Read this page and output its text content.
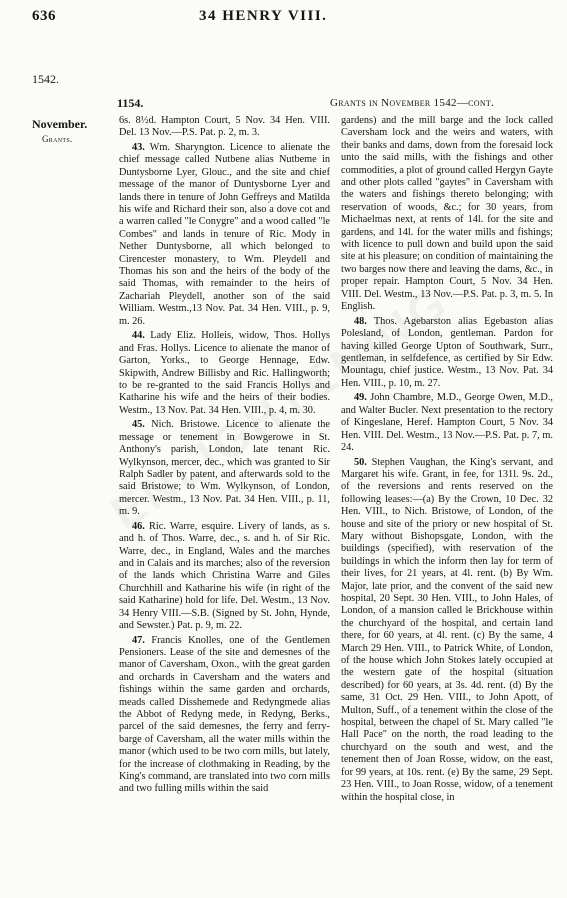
636	34 HENRY VIII.
1542.
November.
Grants.
1154.	Grants in November 1542—cont.

6s. 8½d. Hampton Court, 5 Nov. 34 Hen. VIII. Del. 13 Nov.—P.S. Pat. p. 2, m. 3.

43. Wm. Sharyngton. Licence to alienate the chief message called Nutbene alias Nutbeme in Duntysborne Lyer, Glouc., and the site and chief message of the manor of Duntysborne Lyer and lands there in tenure of John Geffreys and Matilda his wife and Richard their son, also a dove cot and a warren called "le Conygre" and a wood called "le Combes" and lands in tenure of Ric. Mody in Nether Duntysborne, all which belonged to Cirencester monastery, to Wm. Pleydell and Thomas his son and the heirs of the body of the said Thomas, with remainder to the heirs of Zachariah Pleydell, another son of the said William. Westm.,13 Nov. Pat. 34 Hen. VIII., p. 9, m. 26.

44. Lady Eliz. Holleis, widow, Thos. Hollys and Fras. Hollys. Licence to alienate the manor of Garton, Yorks., to George Hennage, Edw. Skipwith, Andrew Billisby and Ric. Hallingworth; to be re-granted to the said Francis Hollys and Katharine his wife and the heirs of their bodies. Westm., 13 Nov. Pat. 34 Hen. VIII., p. 4, m. 30.

45. Nich. Bristowe. Licence to alienate the message or tenement in Bowgerowe in St. Anthony's parish, London, late tenant Ric. Wylkynson, mercer, dec., which was granted to Sir Ralph Sadler by patent, and afterwards sold to the said Bristowe; to Wm. Wylkynson, of London, mercer. Westm., 13 Nov. Pat. 34 Hen. VIII., p. 11, m. 9.

46. Ric. Warre, esquire. Livery of lands, as s. and h. of Thos. Warre, dec., s. and h. of Sir Ric. Warre, dec., in England, Wales and the marches and in Calais and its marches; also of the reversion of the lands which Christina Warre and Giles Churchhill and Katharine his wife (in right of the said Katharine) hold for life. Del. Westm., 13 Nov. 34 Henry VIII.—S.B. (Signed by St. John, Hynde, and Sewster.) Pat. p. 9, m. 22.

47. Francis Knolles, one of the Gentlemen Pensioners. Lease of the site and demesnes of the manor of Caversham, Oxon., with the great garden and orchards in Caversham and the waters and fishings within the same garden and orchards, meads called Disshemede and Redyngmede alias the Abbot of Redyng mede, in Redyng, Berks., parcel of the said demesnes, the ferry and ferry-barge of Caversham, all the water mills within the manor (which used to be two corn mills, but lately, for the increase of clothmaking in Reading, by the King's command, are translated into two corn mills and two fulling mills within the said

gardens) and the mill barge and the lock called Caversham lock and the weirs and waters, with their banks and dams, down from the foresaid lock unto the said mills, with the fishings and other commodities, a plot of ground called Hergyn Gayte and other plots called "gaytes" in Caversham with the waters and fishings thereto belonging; with reservation of woods, &c.; for 30 years, from Michaelmas next, at rents of 14l. for the site and gardens, and 14l. for the water mills and fishings; with licence to pull down and build upon the said site at his pleasure; on condition of maintaining the two barges now there and leaving the dams, &c., in proper repair. Hampton Court, 5 Nov. 34 Hen. VIII. Del. Westm., 13 Nov.—P.S. Pat. p. 3, m. 5. In English.

48. Thos. Agebarston alias Egebaston alias Polesland, of London, gentleman. Pardon for having killed George Upton of Southwark, Surr., gentleman, in selfdefence, as certified by Sir Edw. Mountagu, chief justice. Westm., 13 Nov. Pat. 34 Hen. VIII., p. 10, m. 27.

49. John Chambre, M.D., George Owen, M.D., and Walter Bucler. Next presentation to the rectory of Kingeslane, Heref. Hampton Court, 5 Nov. 34 Hen. VIII. Del. Westm., 13 Nov.—P.S. Pat. p. 7, m. 24.

50. Stephen Vaughan, the King's servant, and Margaret his wife. Grant, in fee, for 131l. 9s. 2d., of the reversions and rents reserved on the following leases:—(a) By the Crown, 10 Dec. 32 Hen. VIII., to Nich. Bristowe, of London, of the house and site of the priory or new hospital of St. Mary without Bishopsgate, London, with the buildings (specified), with reservation of the buildings in which the inform then lay for term of their lives, for 21 years, at 4l. rent. (b) By Wm. Major, late prior, and the convent of the said new hospital, 20 Sept. 30 Hen. VIII., to John Hales, of London, of a mansion called le Brickhouse within the churchyard of the hospital, and certain land there, for 60 years, at 4l. rent. (c) By the same, 4 March 29 Hen. VIII., to Patrick White, of London, of the house which John Stokes lately occupied at the western gate of the hospital (situation described) for 60 years, at 3s. 4d. rent. (d) By the same, 31 Oct. 29 Hen. VIII., to John Apott, of Multon, Suff., of a tenement within the close of the hospital, between the chapel of St. Mary called "le Hall Pace" on the north, the road leading to the churchyard on the south and west, and the tenement then of Joan Rosse, widow, on the east, for 99 years, at 10s. rent. (e) By the same, 29 Sept. 23 Hen. VIII., to Joan Rosse, widow, of a tenement within the hospital close, in
